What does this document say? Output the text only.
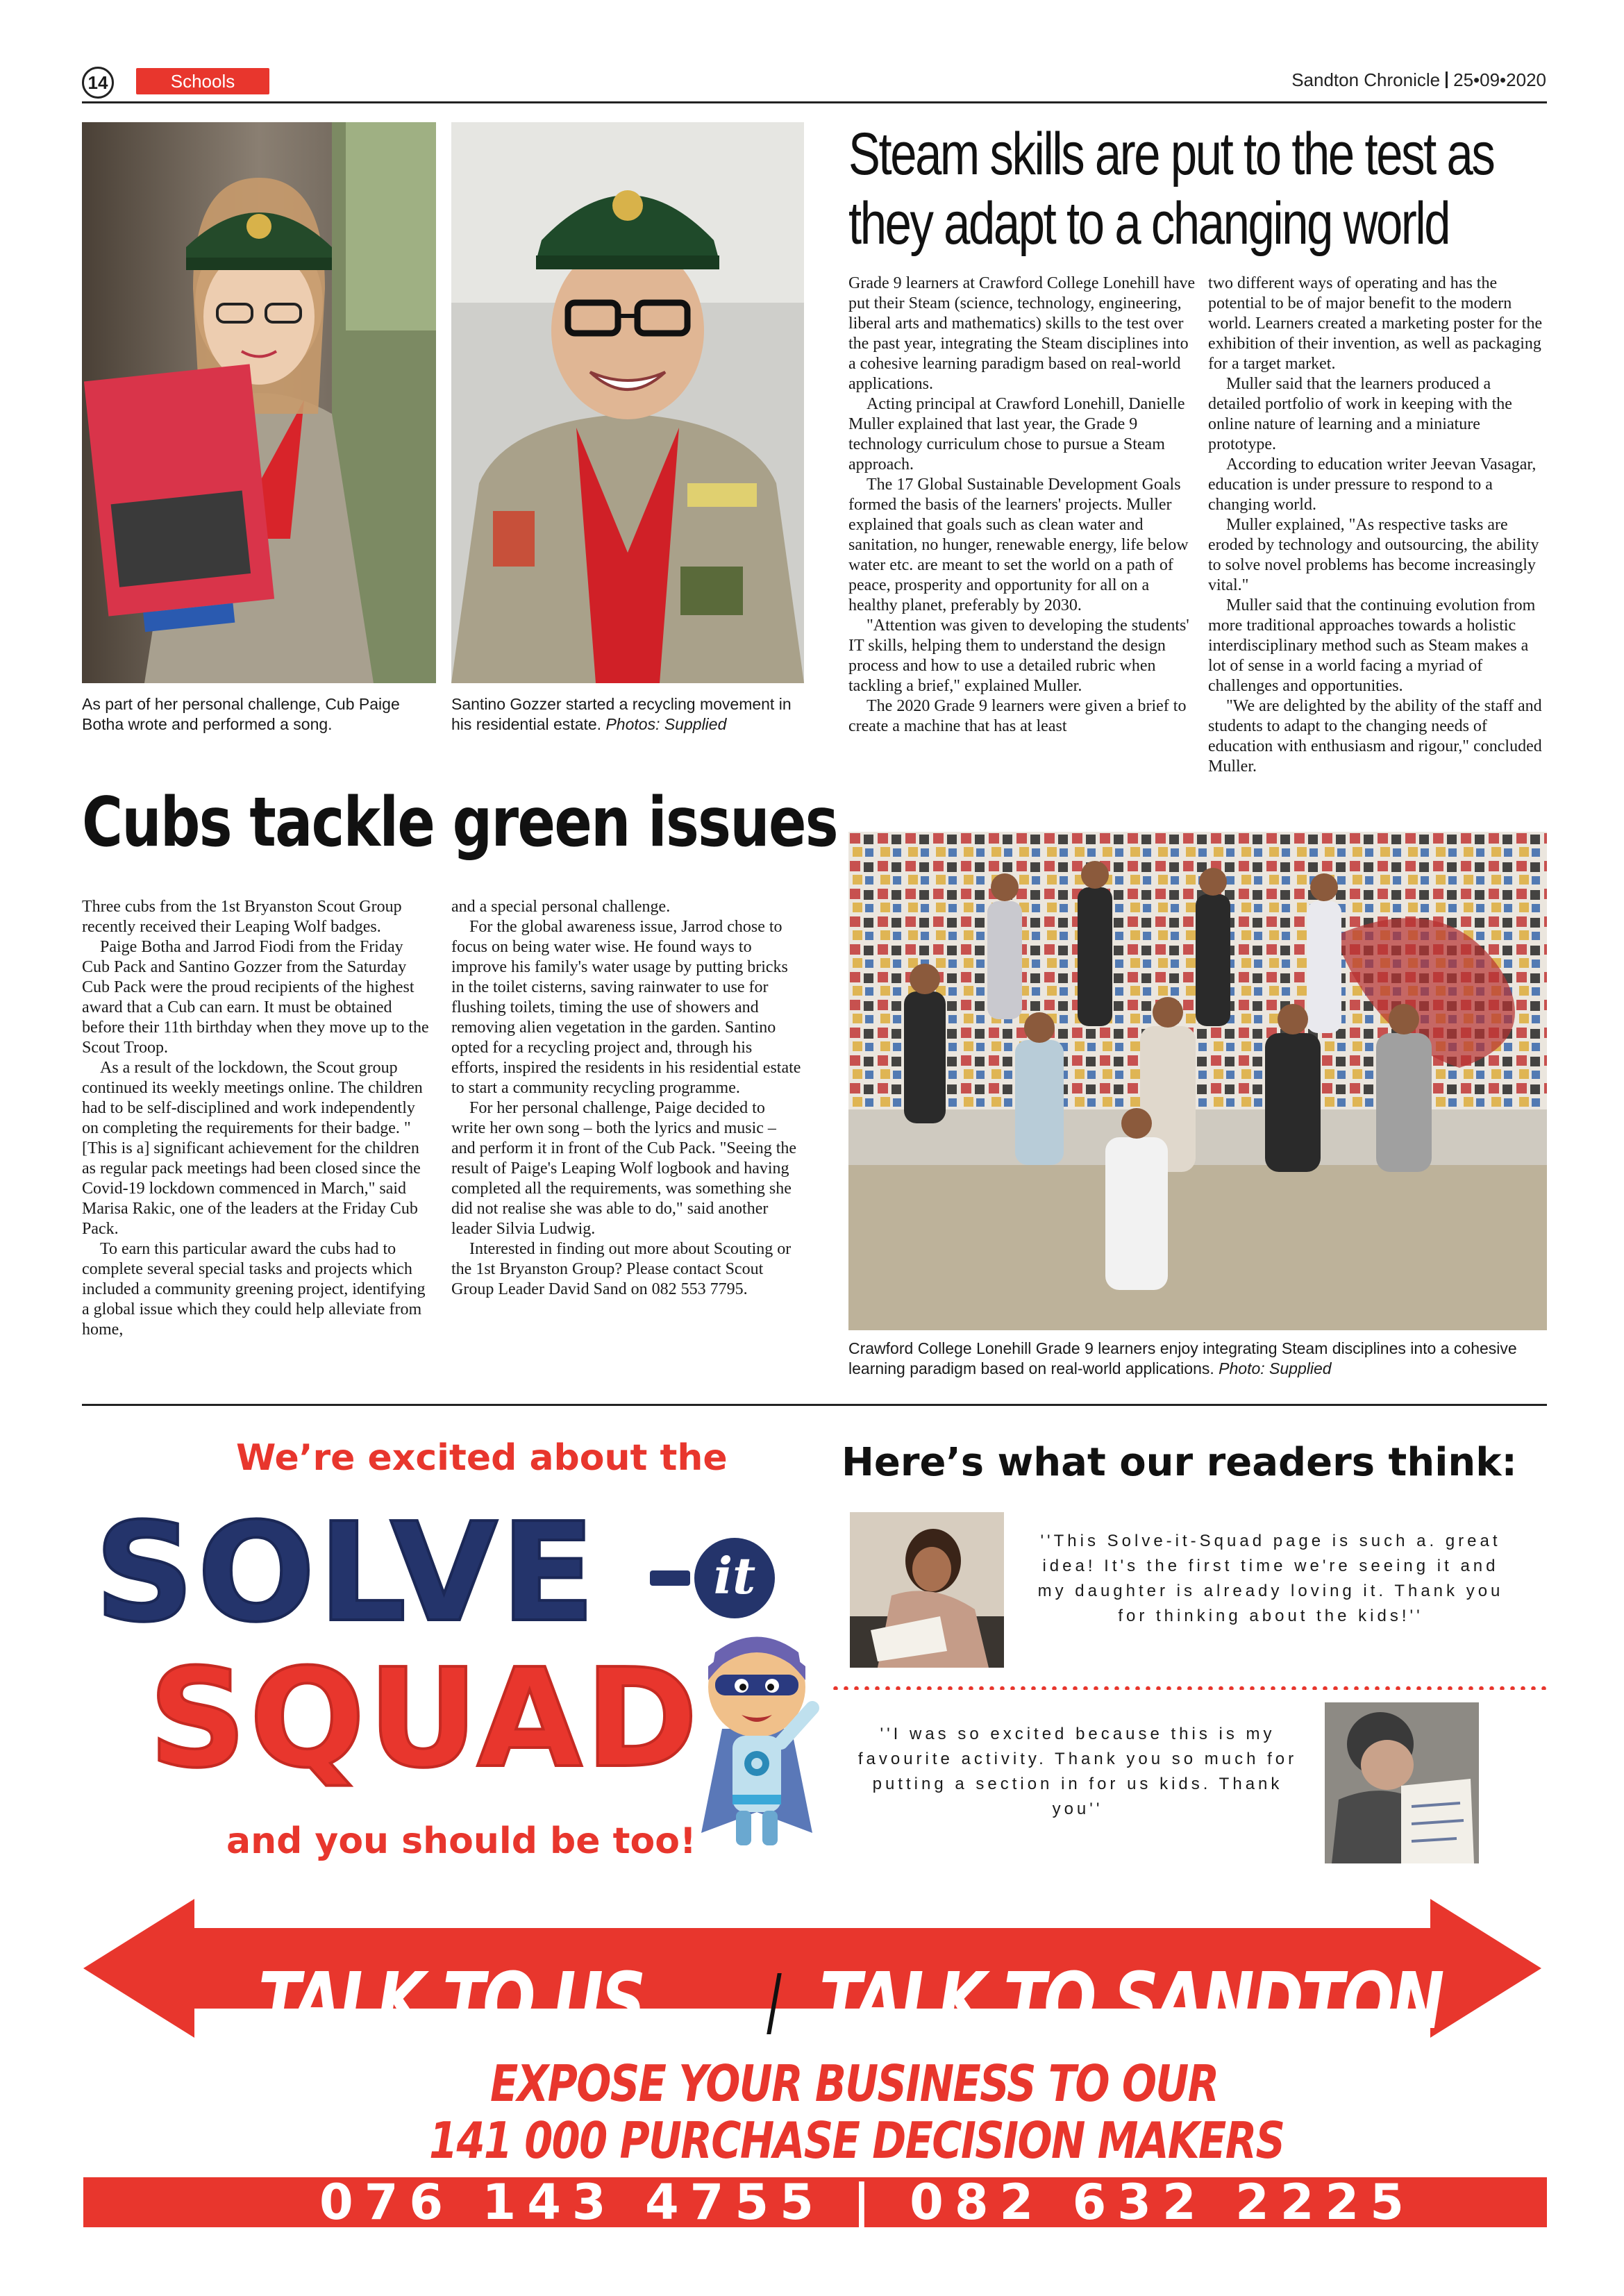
14	Schools	Sandton Chronicle 25•09•2020
As part of her personal challenge, Cub Paige Botha wrote and performed a song.
Santino Gozzer started a recycling movement in his residential estate. Photos: Supplied
Cubs tackle green issues

Three cubs from the 1st Bryanston Scout Group recently received their Leaping Wolf badges.

Paige Botha and Jarrod Fiodi from the Friday Cub Pack and Santino Gozzer from the Saturday Cub Pack were the proud recipients of the highest award that a Cub can earn. It must be obtained before their 11th birthday when they move up to the Scout Troop.

As a result of the lockdown, the Scout group continued its weekly meetings online. The children had to be self-disciplined and work independently on completing the requirements for their badge. "[This is a] significant achievement for the children as regular pack meetings had been closed since the Covid-19 lockdown commenced in March," said Marisa Rakic, one of the leaders at the Friday Cub Pack.

To earn this particular award the cubs had to complete several special tasks and projects which included a community greening project, identifying a global issue which they could help alleviate from home,

and a special personal challenge.

For the global awareness issue, Jarrod chose to focus on being water wise. He found ways to improve his family's water usage by putting bricks in the toilet cisterns, saving rainwater to use for flushing toilets, timing the use of showers and removing alien vegetation in the garden. Santino opted for a recycling project and, through his efforts, inspired the residents in his residential estate to start a community recycling programme.

For her personal challenge, Paige decided to write her own song – both the lyrics and music – and perform it in front of the Cub Pack. "Seeing the result of Paige's Leaping Wolf logbook and having completed all the requirements, was something she did not realise she was able to do," said another leader Silvia Ludwig.

Interested in finding out more about Scouting or the 1st Bryanston Group? Please contact Scout Group Leader David Sand on 082 553 7795.

Steam skills are put to the test as
they adapt to a changing world

Grade 9 learners at Crawford College Lonehill have put their Steam (science, technology, engineering, liberal arts and mathematics) skills to the test over the past year, integrating the Steam disciplines into a cohesive learning paradigm based on real-world applications.

Acting principal at Crawford Lonehill, Danielle Muller explained that last year, the Grade 9 technology curriculum chose to pursue a Steam approach.

The 17 Global Sustainable Development Goals formed the basis of the learners' projects. Muller explained that goals such as clean water and sanitation, no hunger, renewable energy, life below water etc. are meant to set the world on a path of peace, prosperity and opportunity for all on a healthy planet, preferably by 2030.

"Attention was given to developing the students' IT skills, helping them to understand the design process and how to use a detailed rubric when tackling a brief," explained Muller.

The 2020 Grade 9 learners were given a brief to create a machine that has at least

two different ways of operating and has the potential to be of major benefit to the modern world. Learners created a marketing poster for the exhibition of their invention, as well as packaging for a target market.

Muller said that the learners produced a detailed portfolio of work in keeping with the online nature of learning and a miniature prototype.

According to education writer Jeevan Vasagar, education is under pressure to respond to a changing world.

Muller explained, "As respective tasks are eroded by technology and outsourcing, the ability to solve novel problems has become increasingly vital."

Muller said that the continuing evolution from more traditional approaches towards a holistic interdisciplinary method such as Steam makes a lot of sense in a world facing a myriad of challenges and opportunities.

"We are delighted by the ability of the staff and students to adapt to the changing needs of education with enthusiasm and rigour," concluded Muller.

Crawford College Lonehill Grade 9 learners enjoy integrating Steam disciplines into a cohesive learning paradigm based on real-world applications. Photo: Supplied
We’re excited about the
SOLVE	it
SQUAD
and you should be too!
Here’s what our readers think:
''This Solve-it-Squad page is such a. great idea! It's the first time we're seeing it and my daughter is already loving it. Thank you for thinking about the kids!''
''I was so excited because this is my favourite activity. Thank you so much for putting a section in for us kids. Thank you''
TALK TO US TALK TO SANDTON
EXPOSE YOUR BUSINESS TO OUR
141 000 PURCHASE DECISION MAKERS
076 143 4755 | 082 632 2225
